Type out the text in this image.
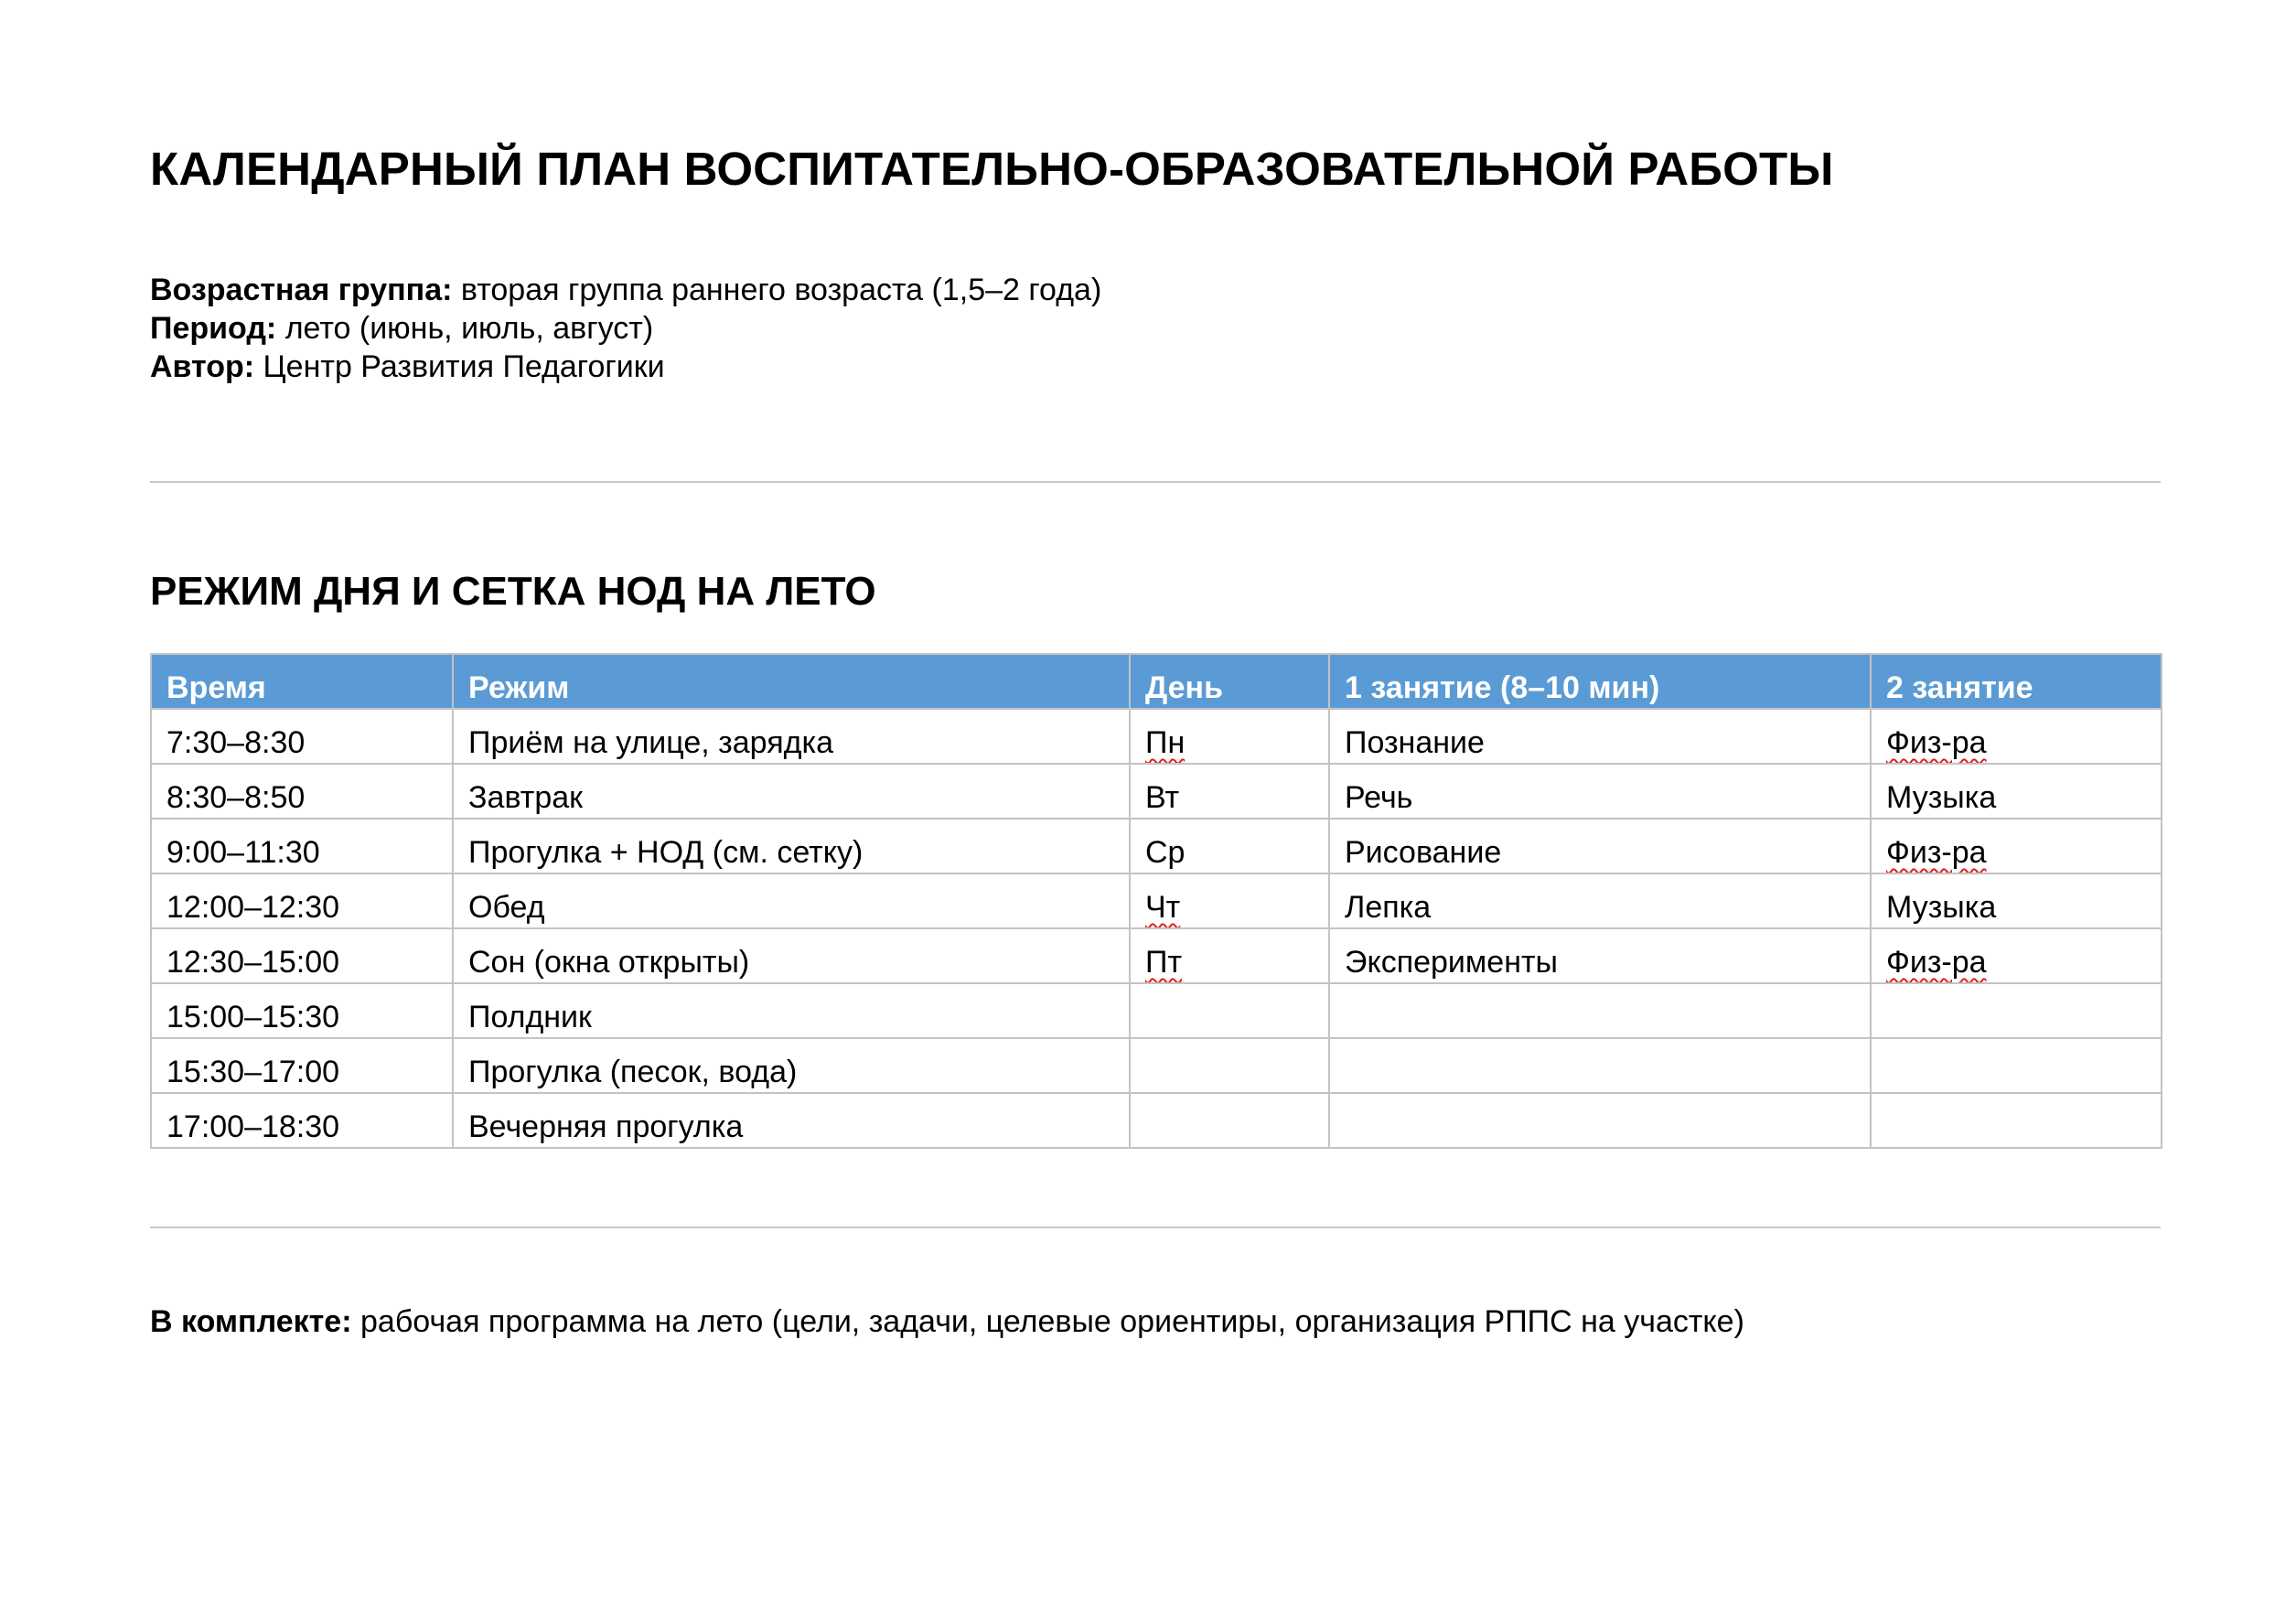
КАЛЕНДАРНЫЙ ПЛАН ВОСПИТАТЕЛЬНО-ОБРАЗОВАТЕЛЬНОЙ РАБОТЫ
Возрастная группа: вторая группа раннего возраста (1,5–2 года)
Период: лето (июнь, июль, август)
Автор: Центр Развития Педагогики
РЕЖИМ ДНЯ И СЕТКА НОД НА ЛЕТО
Время	Режим	День	1 занятие (8–10 мин)	2 занятие
7:30–8:30	Приём на улице, зарядка	Пн	Познание	Физ-ра
8:30–8:50	Завтрак	Вт	Речь	Музыка
9:00–11:30	Прогулка + НОД (см. сетку)	Ср	Рисование	Физ-ра
12:00–12:30	Обед	Чт	Лепка	Музыка
12:30–15:00	Сон (окна открыты)	Пт	Эксперименты	Физ-ра
15:00–15:30	Полдник			
15:30–17:00	Прогулка (песок, вода)			
17:00–18:30	Вечерняя прогулка			
В комплекте: рабочая программа на лето (цели, задачи, целевые ориентиры, организация РППС на участке)
